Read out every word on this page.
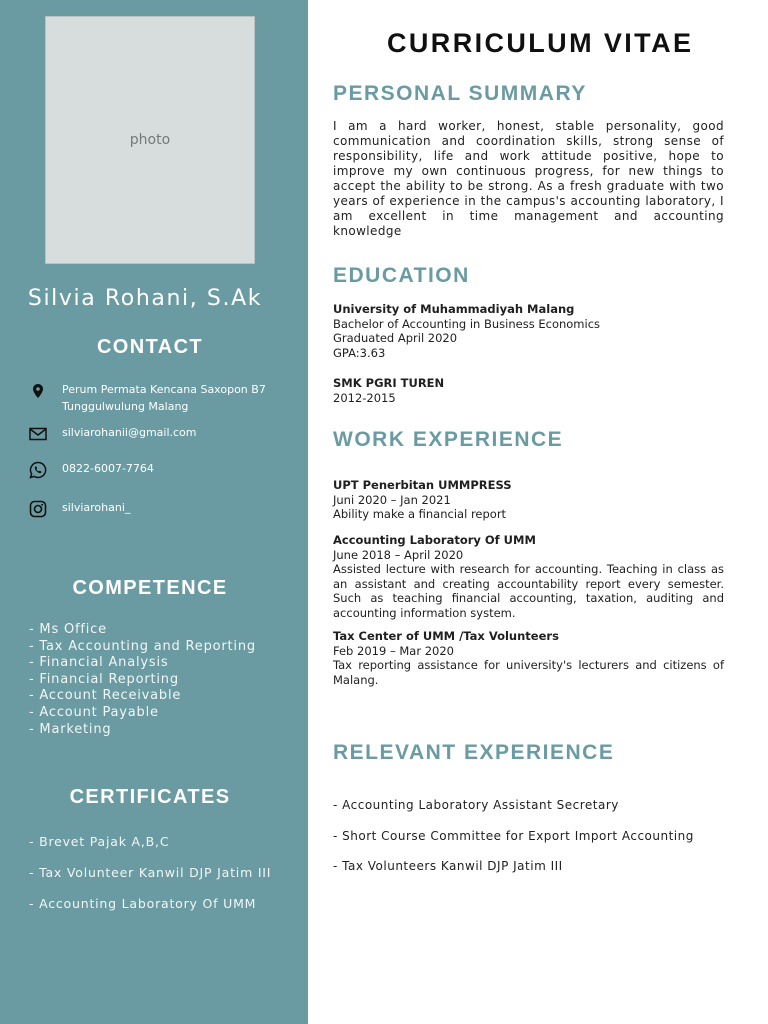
photo
Silvia Rohani, S.Ak
CONTACT
Perum Permata Kencana Saxopon B7
Tunggulwulung Malang
silviarohanii@gmail.com
0822-6007-7764
silviarohani_
COMPETENCE
- Ms Office
- Tax Accounting and Reporting
- Financial Analysis
- Financial Reporting
- Account Receivable
- Account Payable
- Marketing
CERTIFICATES
- Brevet Pajak A,B,C
- Tax Volunteer Kanwil DJP Jatim III
- Accounting Laboratory Of UMM
CURRICULUM VITAE
PERSONAL SUMMARY
I am a hard worker, honest, stable personality, good communication and coordination skills, strong sense of responsibility, life and work attitude positive, hope to improve my own continuous progress, for new things to accept the ability to be strong. As a fresh graduate with two years of experience in the campus's accounting laboratory, I am excellent in time management and accounting knowledge
EDUCATION
University of Muhammadiyah Malang
Bachelor of Accounting in Business Economics
Graduated April 2020
GPA:3.63
SMK PGRI TUREN
2012-2015
WORK EXPERIENCE
UPT Penerbitan UMMPRESS
Juni 2020 – Jan 2021
Ability make a financial report
Accounting Laboratory Of UMM
June 2018 – April 2020
Assisted lecture with research for accounting. Teaching in class as an assistant and creating accountability report every semester. Such as teaching financial accounting, taxation, auditing and accounting information system.
Tax Center of UMM /Tax Volunteers
Feb 2019 – Mar 2020
Tax reporting assistance for university's lecturers and citizens of Malang.
RELEVANT EXPERIENCE
- Accounting Laboratory Assistant Secretary
- Short Course Committee for Export Import Accounting
- Tax Volunteers Kanwil DJP Jatim III
